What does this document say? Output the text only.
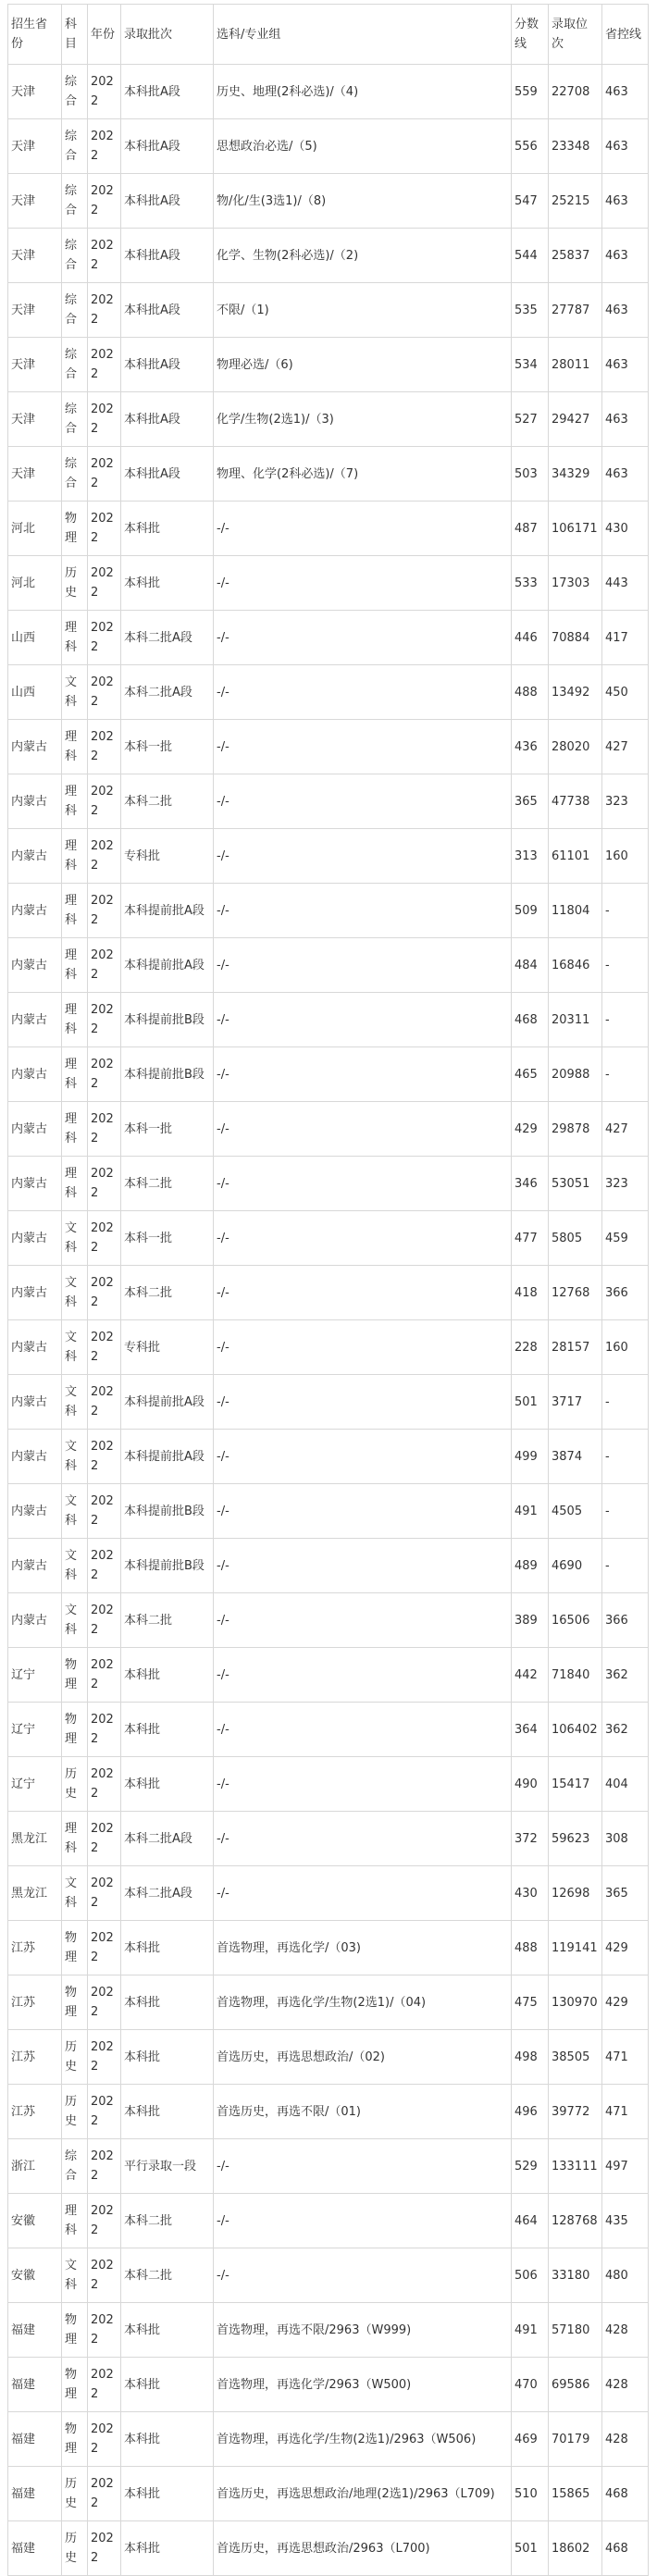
招生省份	科目	年份	录取批次	选科/专业组	分数线	录取位次	省控线
天津	综合	2022	本科批A段	历史、地理(2科必选)/（4)	559	22708	463
天津	综合	2022	本科批A段	思想政治必选/（5)	556	23348	463
天津	综合	2022	本科批A段	物/化/生(3选1)/（8)	547	25215	463
天津	综合	2022	本科批A段	化学、生物(2科必选)/（2)	544	25837	463
天津	综合	2022	本科批A段	不限/（1)	535	27787	463
天津	综合	2022	本科批A段	物理必选/（6)	534	28011	463
天津	综合	2022	本科批A段	化学/生物(2选1)/（3)	527	29427	463
天津	综合	2022	本科批A段	物理、化学(2科必选)/（7)	503	34329	463
河北	物理	2022	本科批	-/-	487	106171	430
河北	历史	2022	本科批	-/-	533	17303	443
山西	理科	2022	本科二批A段	-/-	446	70884	417
山西	文科	2022	本科二批A段	-/-	488	13492	450
内蒙古	理科	2022	本科一批	-/-	436	28020	427
内蒙古	理科	2022	本科二批	-/-	365	47738	323
内蒙古	理科	2022	专科批	-/-	313	61101	160
内蒙古	理科	2022	本科提前批A段	-/-	509	11804	-
内蒙古	理科	2022	本科提前批A段	-/-	484	16846	-
内蒙古	理科	2022	本科提前批B段	-/-	468	20311	-
内蒙古	理科	2022	本科提前批B段	-/-	465	20988	-
内蒙古	理科	2022	本科一批	-/-	429	29878	427
内蒙古	理科	2022	本科二批	-/-	346	53051	323
内蒙古	文科	2022	本科一批	-/-	477	5805	459
内蒙古	文科	2022	本科二批	-/-	418	12768	366
内蒙古	文科	2022	专科批	-/-	228	28157	160
内蒙古	文科	2022	本科提前批A段	-/-	501	3717	-
内蒙古	文科	2022	本科提前批A段	-/-	499	3874	-
内蒙古	文科	2022	本科提前批B段	-/-	491	4505	-
内蒙古	文科	2022	本科提前批B段	-/-	489	4690	-
内蒙古	文科	2022	本科二批	-/-	389	16506	366
辽宁	物理	2022	本科批	-/-	442	71840	362
辽宁	物理	2022	本科批	-/-	364	106402	362
辽宁	历史	2022	本科批	-/-	490	15417	404
黑龙江	理科	2022	本科二批A段	-/-	372	59623	308
黑龙江	文科	2022	本科二批A段	-/-	430	12698	365
江苏	物理	2022	本科批	首选物理，再选化学/（03)	488	119141	429
江苏	物理	2022	本科批	首选物理，再选化学/生物(2选1)/（04)	475	130970	429
江苏	历史	2022	本科批	首选历史，再选思想政治/（02)	498	38505	471
江苏	历史	2022	本科批	首选历史，再选不限/（01)	496	39772	471
浙江	综合	2022	平行录取一段	-/-	529	133111	497
安徽	理科	2022	本科二批	-/-	464	128768	435
安徽	文科	2022	本科二批	-/-	506	33180	480
福建	物理	2022	本科批	首选物理，再选不限/2963（W999)	491	57180	428
福建	物理	2022	本科批	首选物理，再选化学/2963（W500)	470	69586	428
福建	物理	2022	本科批	首选物理，再选化学/生物(2选1)/2963（W506)	469	70179	428
福建	历史	2022	本科批	首选历史，再选思想政治/地理(2选1)/2963（L709)	510	15865	468
福建	历史	2022	本科批	首选历史，再选思想政治/2963（L700)	501	18602	468
